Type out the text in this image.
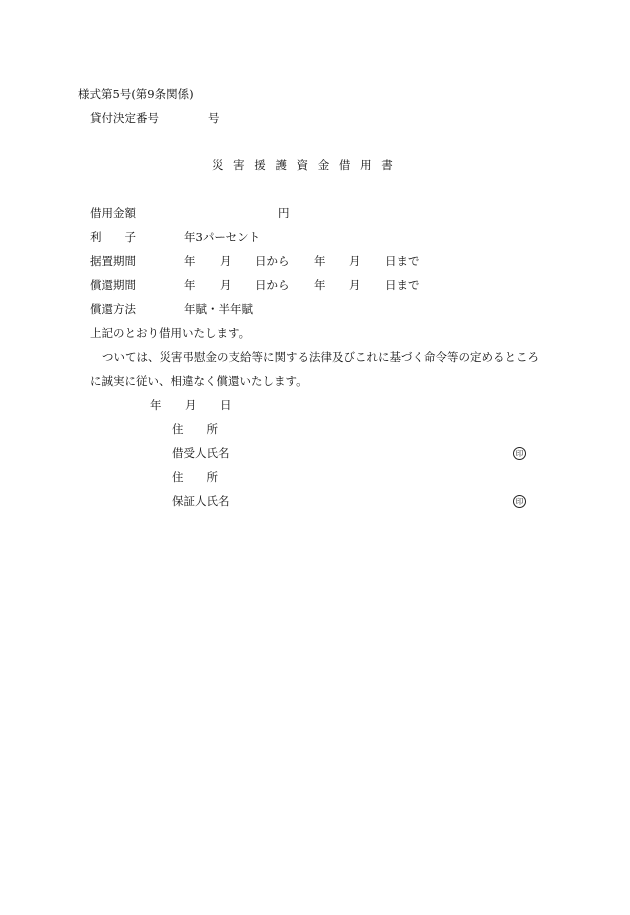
様式第5号(第9条関係)
貸付決定番号	号
災 害 援 護 資 金 借 用 書
借用金額	円
利　　子	年3パーセント
据置期間	年 月 日から 年 月 日まで
償還期間	年 月 日から 年 月 日まで
償還方法	年賦・半年賦
上記のとおり借用いたします。
ついては、災害弔慰金の支給等に関する法律及びこれに基づく命令等の定めるところ
に誠実に従い、相違なく償還いたします。
年 月 日
住　　所
借受人氏名	印
住　　所
保証人氏名	印
